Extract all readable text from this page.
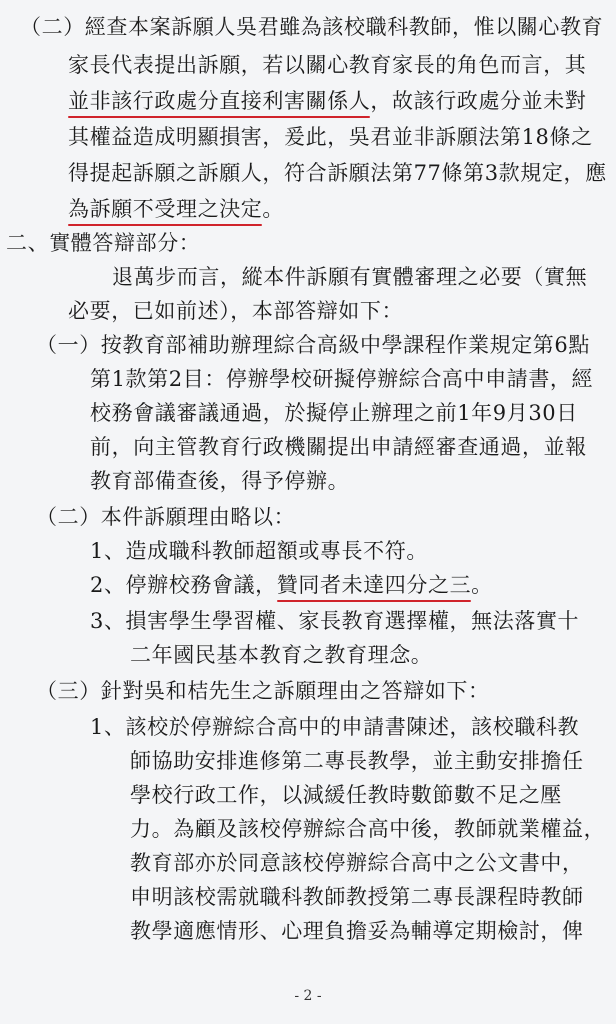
（二）經查本案訴願人吳君雖為該校職科教師，惟以關心教育
家長代表提出訴願，若以關心教育家長的角色而言，其
並非該行政處分直接利害關係人，故該行政處分並未對
其權益造成明顯損害，爰此，吳君並非訴願法第18條之
得提起訴願之訴願人，符合訴願法第77條第3款規定，應
為訴願不受理之決定。
二、實體答辯部分：
退萬步而言，縱本件訴願有實體審理之必要（實無
必要，已如前述），本部答辯如下：
（一）按教育部補助辦理綜合高級中學課程作業規定第6點
第1款第2目：停辦學校研擬停辦綜合高中申請書，經
校務會議審議通過，於擬停止辦理之前1年9月30日
前，向主管教育行政機關提出申請經審查通過，並報
教育部備查後，得予停辦。
（二）本件訴願理由略以：
1、造成職科教師超額或專長不符。
2、停辦校務會議，贊同者未達四分之三。
3、損害學生學習權、家長教育選擇權，無法落實十
二年國民基本教育之教育理念。
（三）針對吳和桔先生之訴願理由之答辯如下：
1、該校於停辦綜合高中的申請書陳述，該校職科教
師協助安排進修第二專長教學，並主動安排擔任
學校行政工作，以減緩任教時數節數不足之壓
力。為顧及該校停辦綜合高中後，教師就業權益，
教育部亦於同意該校停辦綜合高中之公文書中，
申明該校需就職科教師教授第二專長課程時教師
教學適應情形、心理負擔妥為輔導定期檢討，俾
- 2 -
